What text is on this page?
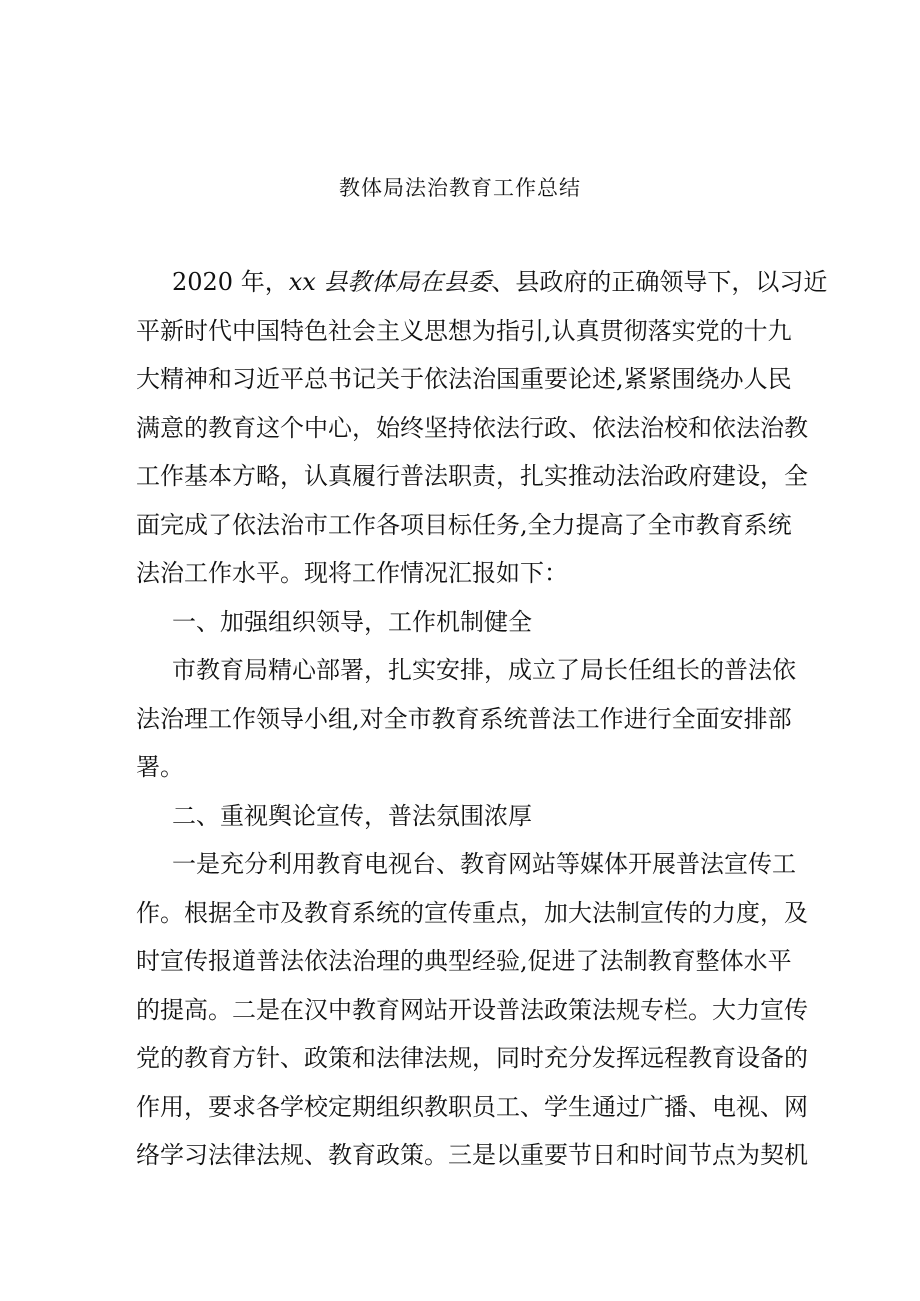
教体局法治教育工作总结
2020 年，xx 县教体局在县委、县政府的正确领导下，以习近
平新时代中国特色社会主义思想为指引,认真贯彻落实党的十九
大精神和习近平总书记关于依法治国重要论述,紧紧围绕办人民
满意的教育这个中心，始终坚持依法行政、依法治校和依法治教
工作基本方略，认真履行普法职责，扎实推动法治政府建设，全
面完成了依法治市工作各项目标任务,全力提高了全市教育系统
法治工作水平。现将工作情况汇报如下：
一、加强组织领导，工作机制健全
市教育局精心部署，扎实安排，成立了局长任组长的普法依
法治理工作领导小组,对全市教育系统普法工作进行全面安排部
署。
二、重视舆论宣传，普法氛围浓厚
一是充分利用教育电视台、教育网站等媒体开展普法宣传工
作。根据全市及教育系统的宣传重点，加大法制宣传的力度，及
时宣传报道普法依法治理的典型经验,促进了法制教育整体水平
的提高。二是在汉中教育网站开设普法政策法规专栏。大力宣传
党的教育方针、政策和法律法规，同时充分发挥远程教育设备的
作用，要求各学校定期组织教职员工、学生通过广播、电视、网
络学习法律法规、教育政策。三是以重要节日和时间节点为契机
